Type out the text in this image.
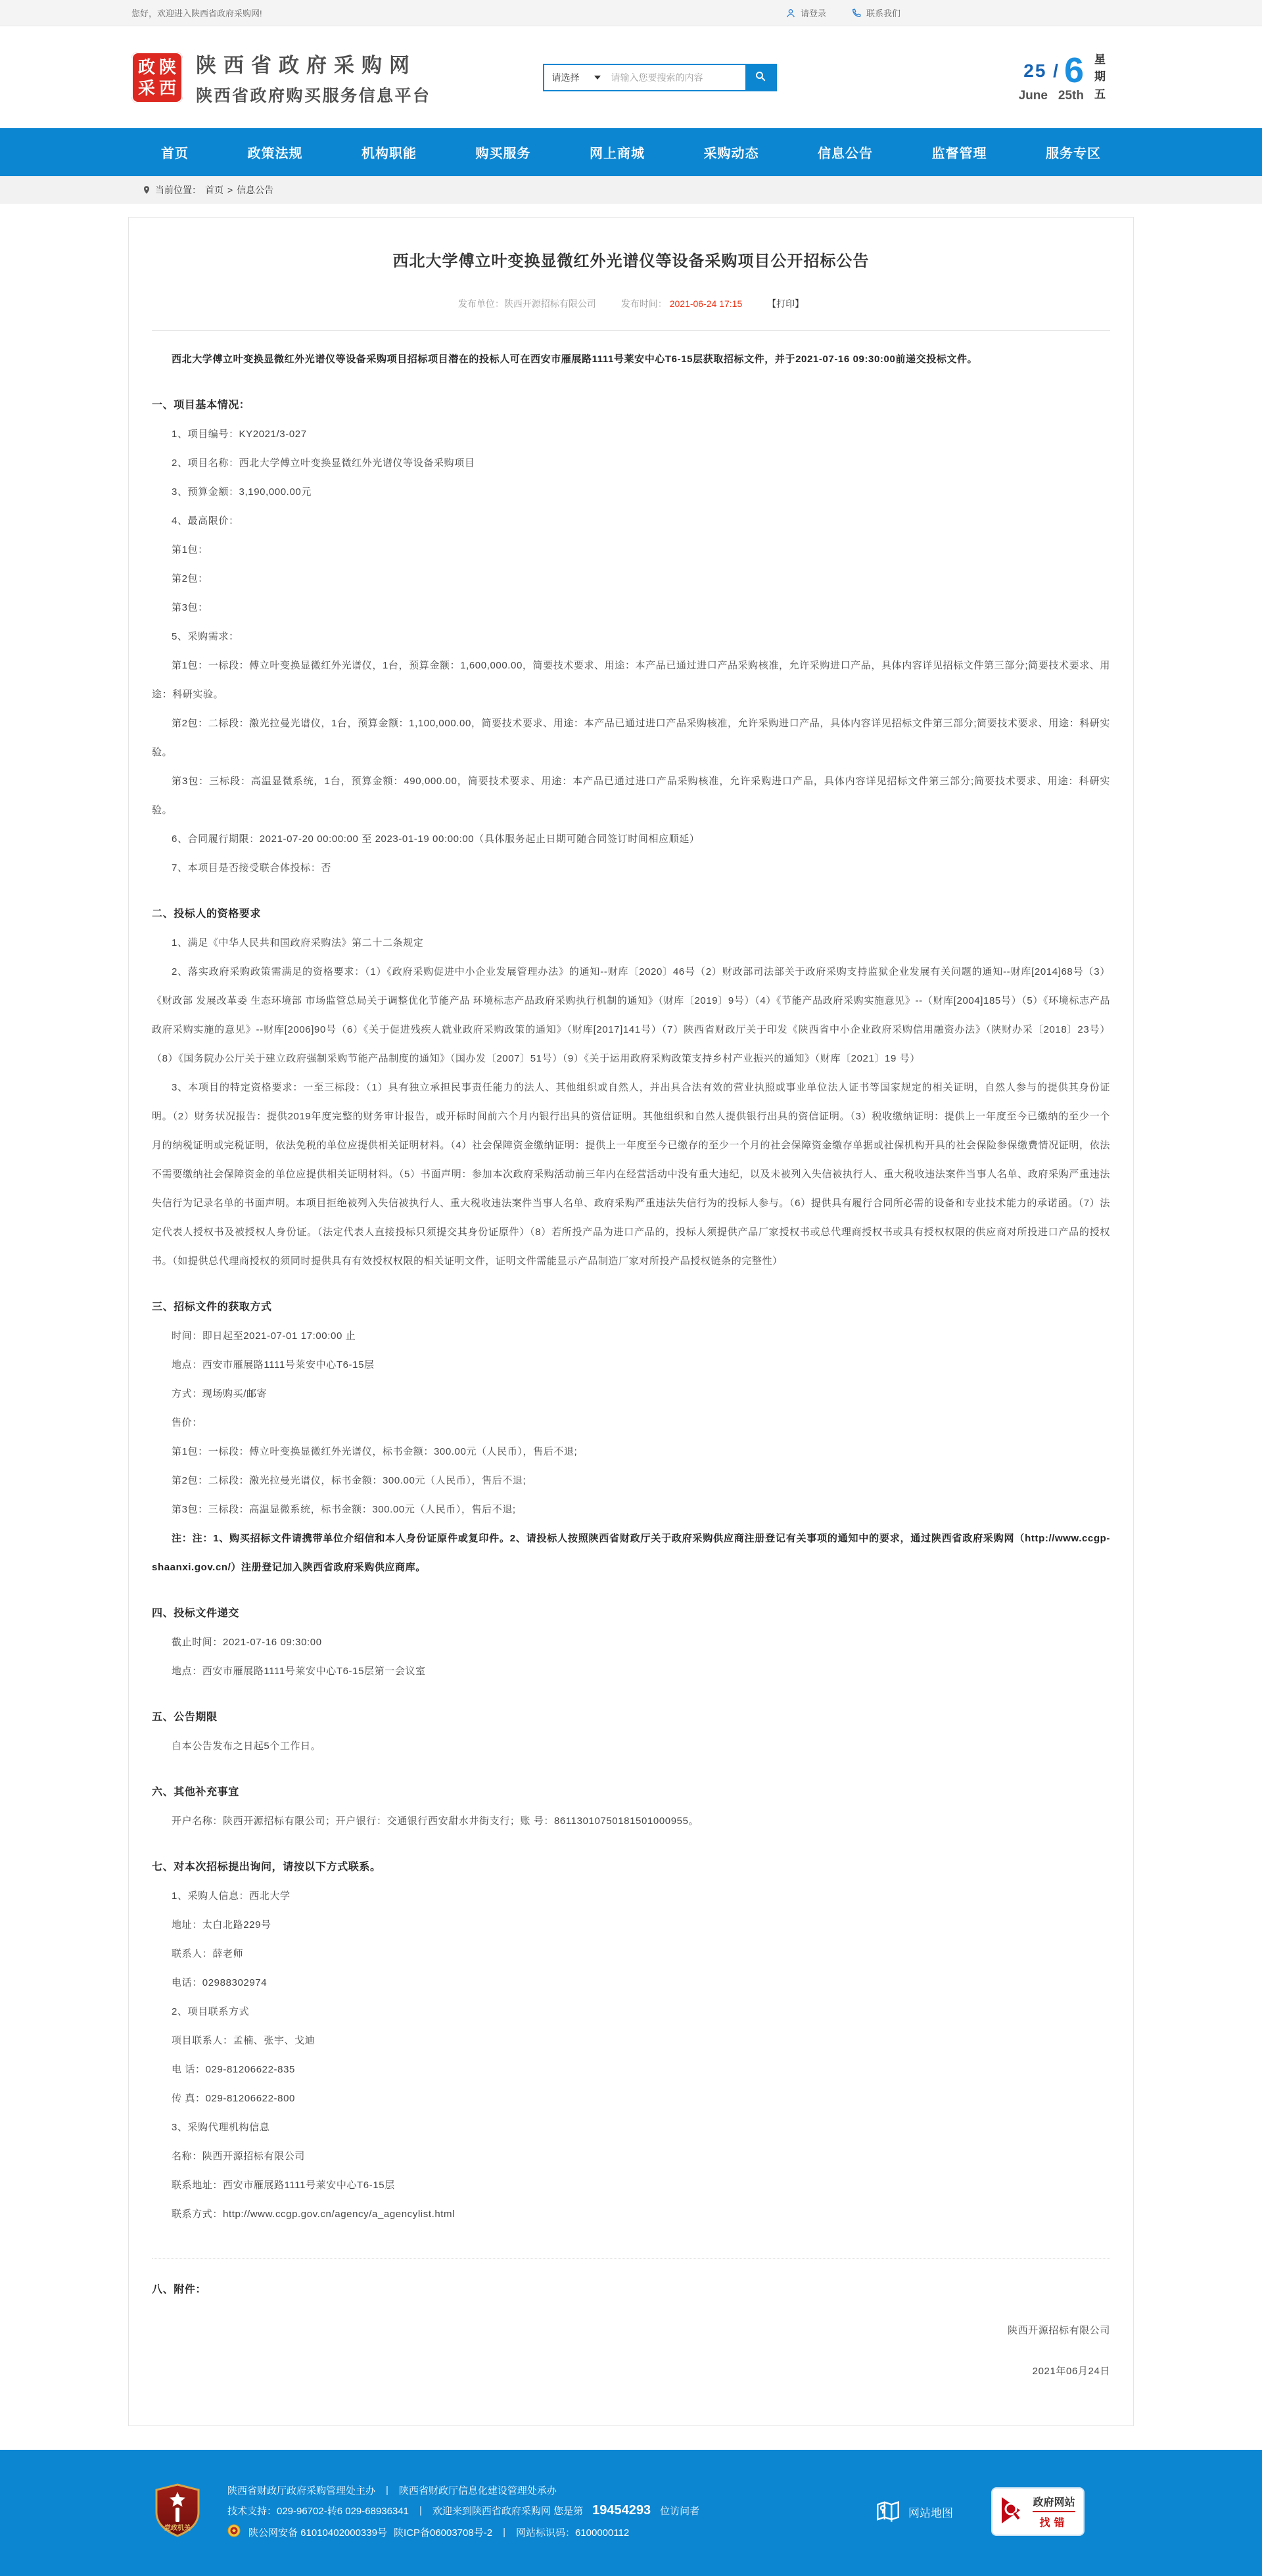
您好，欢迎进入陕西省政府采购网!	请登录	联系我们
政 陕
采 西
陕西省政府采购网
陕西省政府购买服务信息平台
请选择
请输入您要搜索的内容	25 / 6
June 25th
星
期
五
首页	政策法规	机构职能	购买服务	网上商城	采购动态	信息公告	监督管理	服务专区
当前位置： 首页 > 信息公告
西北大学傅立叶变换显微红外光谱仪等设备采购项目公开招标公告
发布单位：陕西开源招标有限公司	发布时间： 2021-06-24 17:15	【打印】

西北大学傅立叶变换显微红外光谱仪等设备采购项目招标项目潜在的投标人可在西安市雁展路1111号莱安中心T6-15层获取招标文件，并于2021-07-16 09:30:00前递交投标文件。

一、项目基本情况：

1、项目编号：KY2021/3-027

2、项目名称：西北大学傅立叶变换显微红外光谱仪等设备采购项目

3、预算金额：3,190,000.00元

4、最高限价：

第1包：

第2包：

第3包：

5、采购需求：

第1包：一标段：傅立叶变换显微红外光谱仪，1台，预算金额：1,600,000.00，简要技术要求、用途：本产品已通过进口产品采购核准，允许采购进口产品，具体内容详见招标文件第三部分;简要技术要求、用途：科研实验。

第2包：二标段：激光拉曼光谱仪，1台，预算金额：1,100,000.00，简要技术要求、用途：本产品已通过进口产品采购核准，允许采购进口产品，具体内容详见招标文件第三部分;简要技术要求、用途：科研实验。

第3包：三标段：高温显微系统，1台，预算金额：490,000.00，简要技术要求、用途：本产品已通过进口产品采购核准，允许采购进口产品，具体内容详见招标文件第三部分;简要技术要求、用途：科研实验。

6、合同履行期限：2021-07-20 00:00:00 至 2023-01-19 00:00:00（具体服务起止日期可随合同签订时间相应顺延）

7、本项目是否接受联合体投标：否

二、投标人的资格要求

1、满足《中华人民共和国政府采购法》第二十二条规定

2、落实政府采购政策需满足的资格要求：（1）《政府采购促进中小企业发展管理办法》的通知--财库〔2020〕46号（2）财政部司法部关于政府采购支持监狱企业发展有关问题的通知--财库[2014]68号（3）《财政部 发展改革委 生态环境部 市场监管总局关于调整优化节能产品 环境标志产品政府采购执行机制的通知》（财库〔2019〕9号）（4）《节能产品政府采购实施意见》--（财库[2004]185号）（5）《环境标志产品政府采购实施的意见》--财库[2006]90号（6）《关于促进残疾人就业政府采购政策的通知》（财库[2017]141号）（7）陕西省财政厅关于印发《陕西省中小企业政府采购信用融资办法》（陕财办采〔2018〕23号）（8）《国务院办公厅关于建立政府强制采购节能产品制度的通知》（国办发〔2007〕51号）（9）《关于运用政府采购政策支持乡村产业振兴的通知》（财库〔2021〕19 号）

3、本项目的特定资格要求：一至三标段：（1）具有独立承担民事责任能力的法人、其他组织或自然人，并出具合法有效的营业执照或事业单位法人证书等国家规定的相关证明，自然人参与的提供其身份证明。（2）财务状况报告：提供2019年度完整的财务审计报告，或开标时间前六个月内银行出具的资信证明。其他组织和自然人提供银行出具的资信证明。（3）税收缴纳证明：提供上一年度至今已缴纳的至少一个月的纳税证明或完税证明，依法免税的单位应提供相关证明材料。（4）社会保障资金缴纳证明：提供上一年度至今已缴存的至少一个月的社会保障资金缴存单据或社保机构开具的社会保险参保缴费情况证明，依法不需要缴纳社会保障资金的单位应提供相关证明材料。（5）书面声明：参加本次政府采购活动前三年内在经营活动中没有重大违纪，以及未被列入失信被执行人、重大税收违法案件当事人名单、政府采购严重违法失信行为记录名单的书面声明。本项目拒绝被列入失信被执行人、重大税收违法案件当事人名单、政府采购严重违法失信行为的投标人参与。（6）提供具有履行合同所必需的设备和专业技术能力的承诺函。（7）法定代表人授权书及被授权人身份证。（法定代表人直接投标只须提交其身份证原件）（8）若所投产品为进口产品的，投标人须提供产品厂家授权书或总代理商授权书或具有授权权限的供应商对所投进口产品的授权书。（如提供总代理商授权的须同时提供具有有效授权权限的相关证明文件，证明文件需能显示产品制造厂家对所投产品授权链条的完整性）

三、招标文件的获取方式

时间：即日起至2021-07-01 17:00:00 止

地点：西安市雁展路1111号莱安中心T6-15层

方式：现场购买/邮寄

售价：

第1包：一标段：傅立叶变换显微红外光谱仪，标书金额：300.00元（人民币），售后不退;

第2包：二标段：激光拉曼光谱仪，标书金额：300.00元（人民币），售后不退;

第3包：三标段：高温显微系统，标书金额：300.00元（人民币），售后不退;

注：注：1、购买招标文件请携带单位介绍信和本人身份证原件或复印件。2、请投标人按照陕西省财政厅关于政府采购供应商注册登记有关事项的通知中的要求，通过陕西省政府采购网（http://www.ccgp-shaanxi.gov.cn/）注册登记加入陕西省政府采购供应商库。

四、投标文件递交

截止时间：2021-07-16 09:30:00

地点：西安市雁展路1111号莱安中心T6-15层第一会议室

五、公告期限

自本公告发布之日起5个工作日。

六、其他补充事宜

开户名称：陕西开源招标有限公司；开户银行：交通银行西安甜水井街支行；账 号：86113010750181501000955。

七、对本次招标提出询问，请按以下方式联系。

1、采购人信息：西北大学

地址：太白北路229号

联系人：薛老师

电话：02988302974

2、项目联系方式

项目联系人：孟楠、张宇、戈迪

电 话：029-81206622-835

传 真：029-81206622-800

3、采购代理机构信息

名称：陕西开源招标有限公司

联系地址：西安市雁展路1111号莱安中心T6-15层

联系方式：http://www.ccgp.gov.cn/agency/a_agencylist.html

八、附件：

陕西开源招标有限公司

2021年06月24日

党政机关
陕西省财政厅政府采购管理处主办	|	陕西省财政厅信息化建设管理处承办
技术支持：029-96702-转6 029-68936341	|	欢迎来到陕西省政府采购网 您是第 19454293 位访问者
陕公网安备 61010402000339号 陕ICP备06003708号-2	|	网站标识码：6100000112
网站地图
政府网站
找错
